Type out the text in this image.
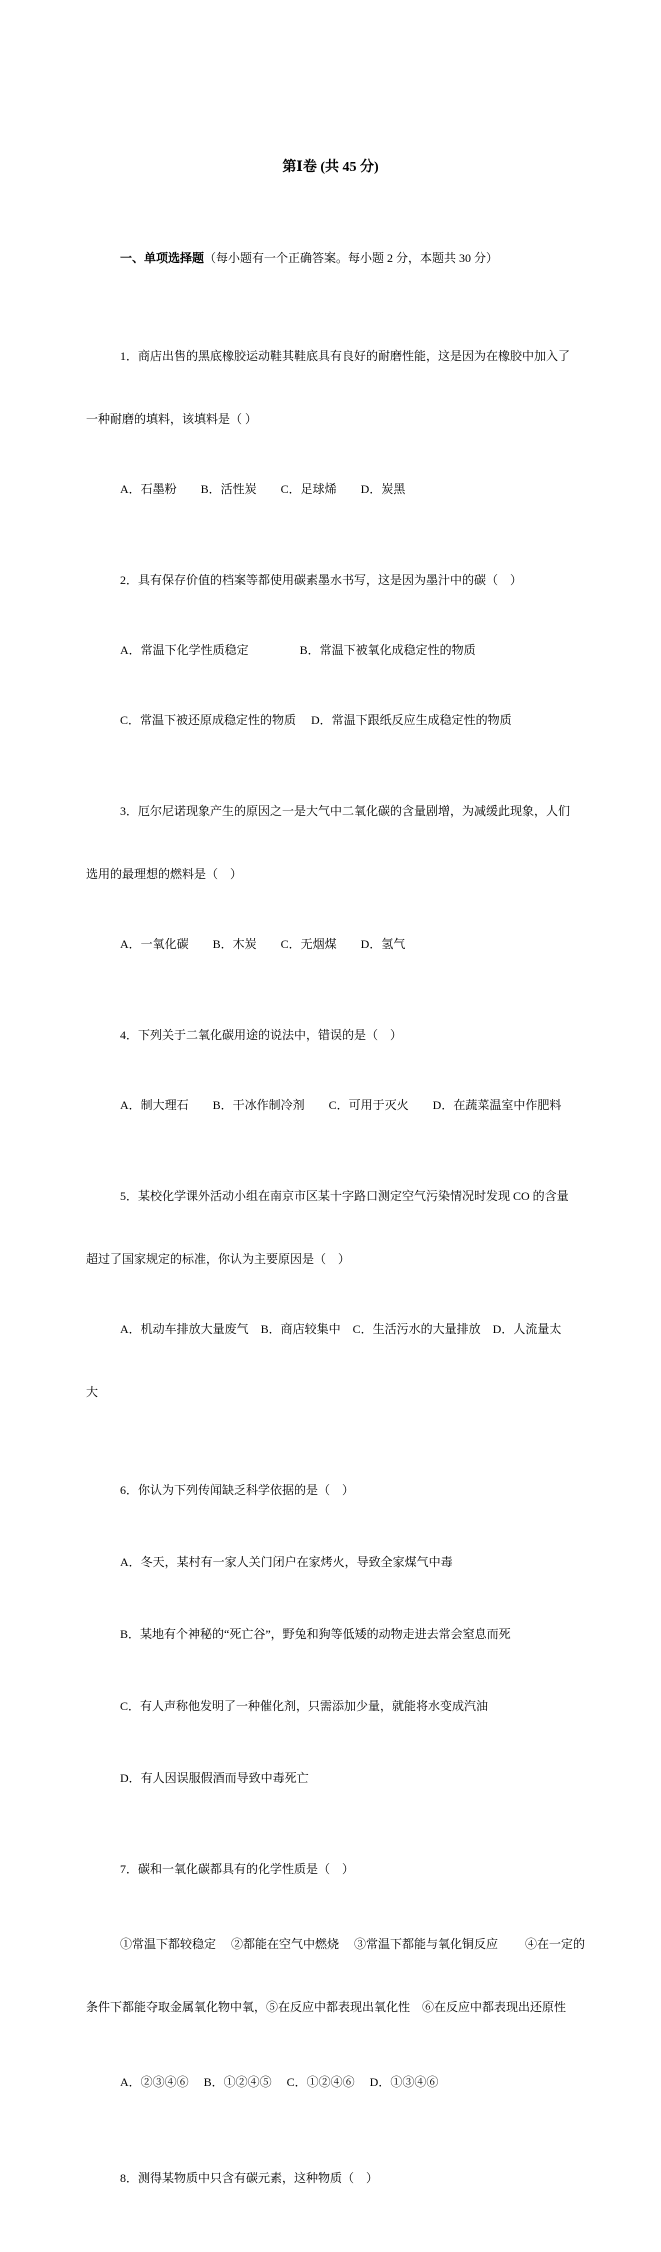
第Ⅰ卷 (共 45 分)

一、单项选择题（每小题有一个正确答案。每小题 2 分，本题共 30 分）

1．商店出售的黑底橡胶运动鞋其鞋底具有良好的耐磨性能，这是因为在橡胶中加入了

一种耐磨的填料，该填料是（ ）

A．石墨粉　　B．活性炭　　C．足球烯　　D．炭黑

2．具有保存价值的档案等都使用碳素墨水书写，这是因为墨汁中的碳（　）

A．常温下化学性质稳定　　　　 B．常温下被氧化成稳定性的物质

C．常温下被还原成稳定性的物质　 D．常温下跟纸反应生成稳定性的物质

3．厄尔尼诺现象产生的原因之一是大气中二氧化碳的含量剧增，为减缓此现象，人们

选用的最理想的燃料是（　）

A．一氧化碳　　B．木炭　　C．无烟煤　　D．氢气

4．下列关于二氧化碳用途的说法中，错误的是（　）

A．制大理石　　B．干冰作制冷剂　　C．可用于灭火　　D．在蔬菜温室中作肥料

5．某校化学课外活动小组在南京市区某十字路口测定空气污染情况时发现 CO 的含量

超过了国家规定的标准，你认为主要原因是（　）

A．机动车排放大量废气　B．商店较集中　C．生活污水的大量排放　D．人流量太

大

6．你认为下列传闻缺乏科学依据的是（　）

A．冬天，某村有一家人关门闭户在家烤火，导致全家煤气中毒

B．某地有个神秘的“死亡谷”，野兔和狗等低矮的动物走进去常会窒息而死

C．有人声称他发明了一种催化剂，只需添加少量，就能将水变成汽油

D．有人因误服假酒而导致中毒死亡

7．碳和一氧化碳都具有的化学性质是（　）

①常温下都较稳定　 ②都能在空气中燃烧　 ③常温下都能与氧化铜反应　　 ④在一定的

条件下都能夺取金属氧化物中氧，⑤在反应中都表现出氧化性　⑥在反应中都表现出还原性

A．②③④⑥　 B．①②④⑤　 C．①②④⑥　 D．①③④⑥

8．测得某物质中只含有碳元素，这种物质（　）
